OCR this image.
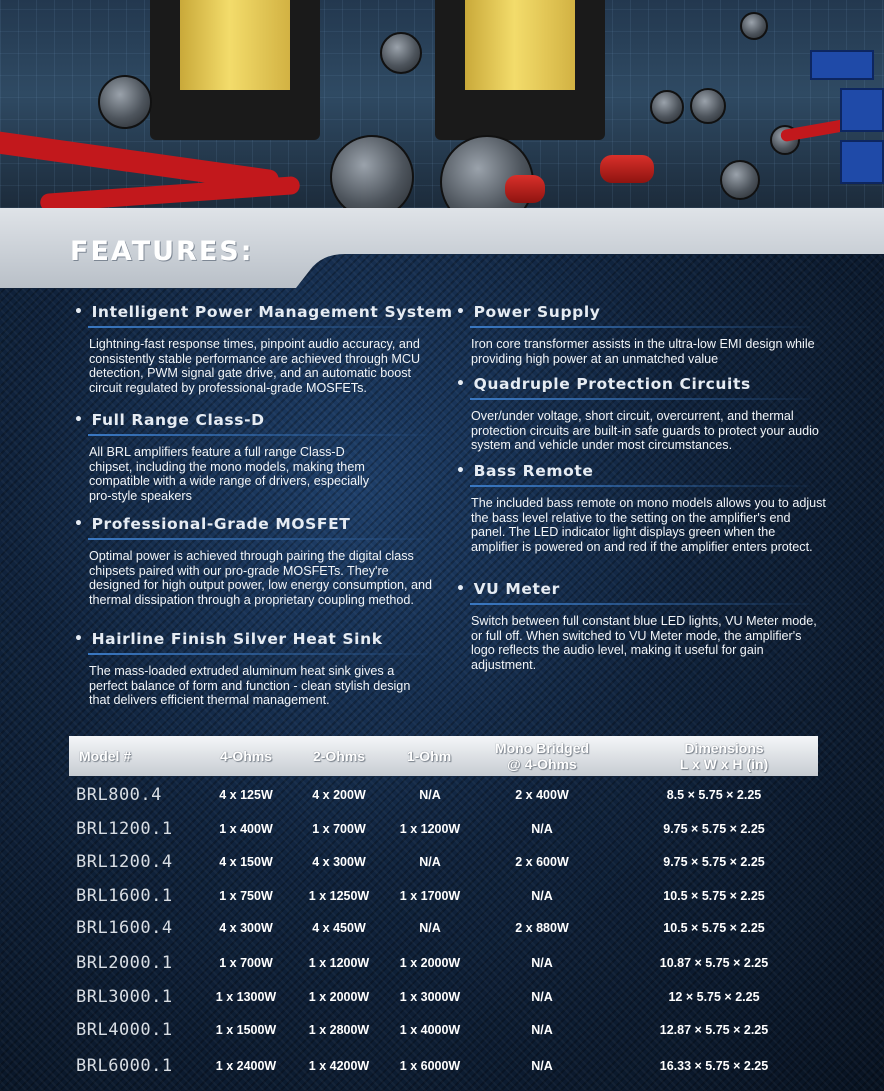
FEATURES:
• Intelligent Power Management System
Lightning-fast response times, pinpoint audio accuracy, and consistently stable performance are achieved through MCU detection, PWM signal gate drive, and an automatic boost circuit regulated by professional-grade MOSFETs.
• Full Range Class-D
All BRL amplifiers feature a full range Class-D chipset, including the mono models, making them compatible with a wide range of drivers, especially pro-style speakers
• Professional-Grade MOSFET
Optimal power is achieved through pairing the digital class chipsets paired with our pro-grade MOSFETs. They're designed for high output power, low energy consumption, and thermal dissipation through a proprietary coupling method.
• Hairline Finish Silver Heat Sink
The mass-loaded extruded aluminum heat sink gives a perfect balance of form and function - clean stylish design that delivers efficient thermal management.
• Power Supply
Iron core transformer assists in the ultra-low EMI design while providing high power at an unmatched value
• Quadruple Protection Circuits
Over/under voltage, short circuit, overcurrent, and thermal protection circuits are built-in safe guards to protect your audio system and vehicle under most circumstances.
• Bass Remote
The included bass remote on mono models allows you to adjust the bass level relative to the setting on the amplifier's end panel. The LED indicator light displays green when the amplifier is powered on and red if the amplifier enters protect.
• VU Meter
Switch between full constant blue LED lights, VU Meter mode, or full off. When switched to VU Meter mode, the amplifier's logo reflects the audio level, making it useful for gain adjustment.
Model #	4-Ohms	2-Ohms	1-Ohm	Mono Bridged
@ 4-Ohms
Dimensions
L x W x H (in)
BRL800.4	4 x 125W	4 x 200W	N/A	2 x 400W	8.5 × 5.75 × 2.25
BRL1200.1	1 x 400W	1 x 700W	1 x 1200W	N/A	9.75 × 5.75 × 2.25
BRL1200.4	4 x 150W	4 x 300W	N/A	2 x 600W	9.75 × 5.75 × 2.25
BRL1600.1	1 x 750W	1 x 1250W	1 x 1700W	N/A	10.5 × 5.75 × 2.25
BRL1600.4	4 x 300W	4 x 450W	N/A	2 x 880W	10.5 × 5.75 × 2.25
BRL2000.1	1 x 700W	1 x 1200W	1 x 2000W	N/A	10.87 × 5.75 × 2.25
BRL3000.1	1 x 1300W	1 x 2000W	1 x 3000W	N/A	12 × 5.75 × 2.25
BRL4000.1	1 x 1500W	1 x 2800W	1 x 4000W	N/A	12.87 × 5.75 × 2.25
BRL6000.1	1 x 2400W	1 x 4200W	1 x 6000W	N/A	16.33 × 5.75 × 2.25
